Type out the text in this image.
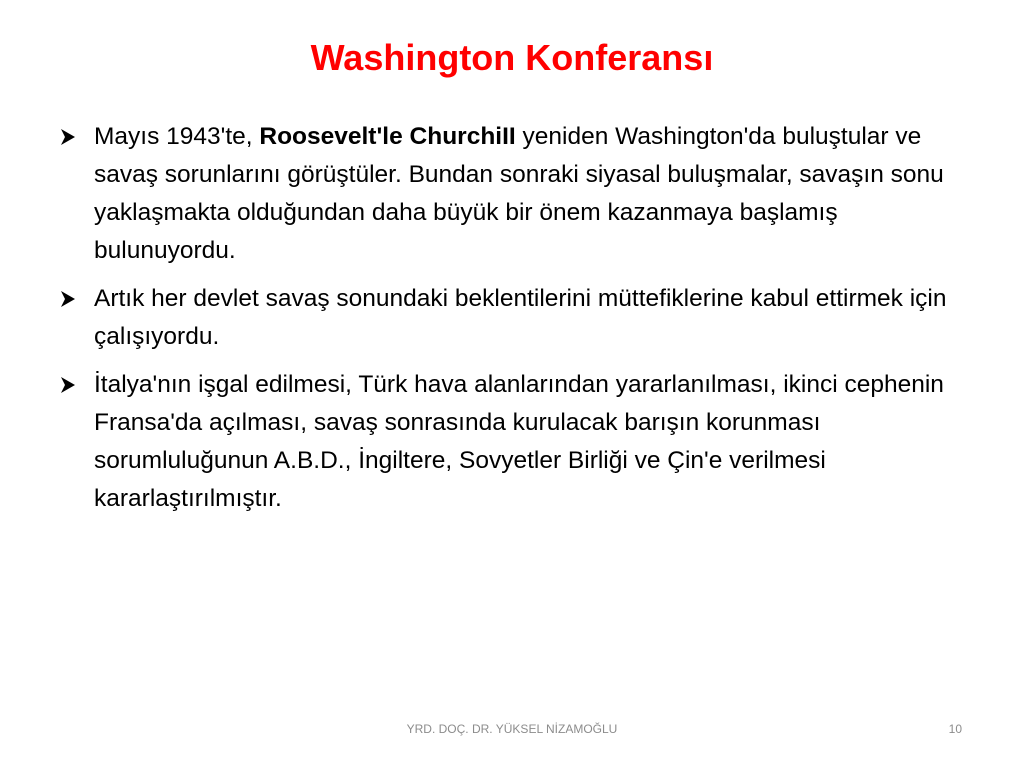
Washington Konferansı
Mayıs 1943'te, Roosevelt'le ChurchiII yeniden Washington'da buluştular ve savaş sorunlarını görüştüler. Bundan sonraki siyasal buluşmalar, savaşın sonu yaklaşmakta olduğundan daha büyük bir önem kazanmaya başlamış bulunuyordu.
Artık her devlet savaş sonundaki beklentilerini müttefiklerine kabul ettirmek için çalışıyordu.
İtalya'nın işgal edilmesi, Türk hava alanlarından yararlanılması, ikinci cephenin Fransa'da açılması, savaş sonrasında kurulacak barışın korunması sorumluluğunun A.B.D., İngiltere, Sovyetler Birliği ve Çin'e verilmesi kararlaştırılmıştır.
YRD. DOÇ. DR. YÜKSEL NİZAMOĞLU	10
